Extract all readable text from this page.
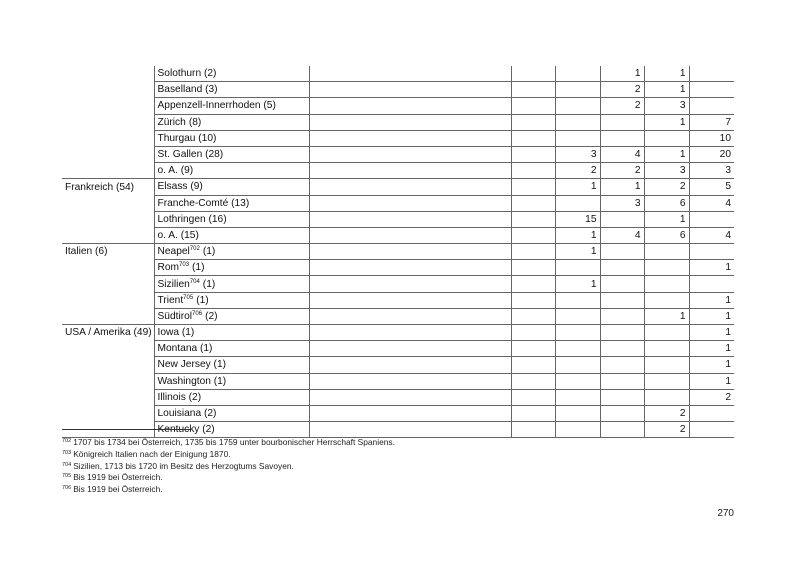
	Solothurn (2)				1	1	
	Baselland (3)				2	1	
	Appenzell-Innerrhoden (5)				2	3	
	Zürich (8)					1	7
	Thurgau (10)						10
	St. Gallen (28)			3	4	1	20
	o. A. (9)			2	2	3	3
Frankreich (54)	Elsass (9)			1	1	2	5
	Franche-Comté (13)				3	6	4
	Lothringen (16)			15		1	
	o. A. (15)			1	4	6	4
Italien (6)	Neapel$^{702}$ (1)			1			
	Rom$^{703}$ (1)						1
	Sizilien$^{704}$ (1)			1			
	Trient$^{705}$ (1)						1
	Südtirol$^{706}$ (2)					1	1
USA / Amerika (49)	Iowa (1)						1
	Montana (1)						1
	New Jersey (1)						1
	Washington (1)						1
	Illinois (2)						2
	Louisiana (2)					2	
	Kentucky (2)					2	
$^{702}$ 1707 bis 1734 bei Österreich, 1735 bis 1759 unter bourbonischer Herrschaft Spaniens.
$^{703}$ Königreich Italien nach der Einigung 1870.
$^{704}$ Sizilien, 1713 bis 1720 im Besitz des Herzogtums Savoyen.
$^{705}$ Bis 1919 bei Österreich.
$^{706}$ Bis 1919 bei Österreich.
270
